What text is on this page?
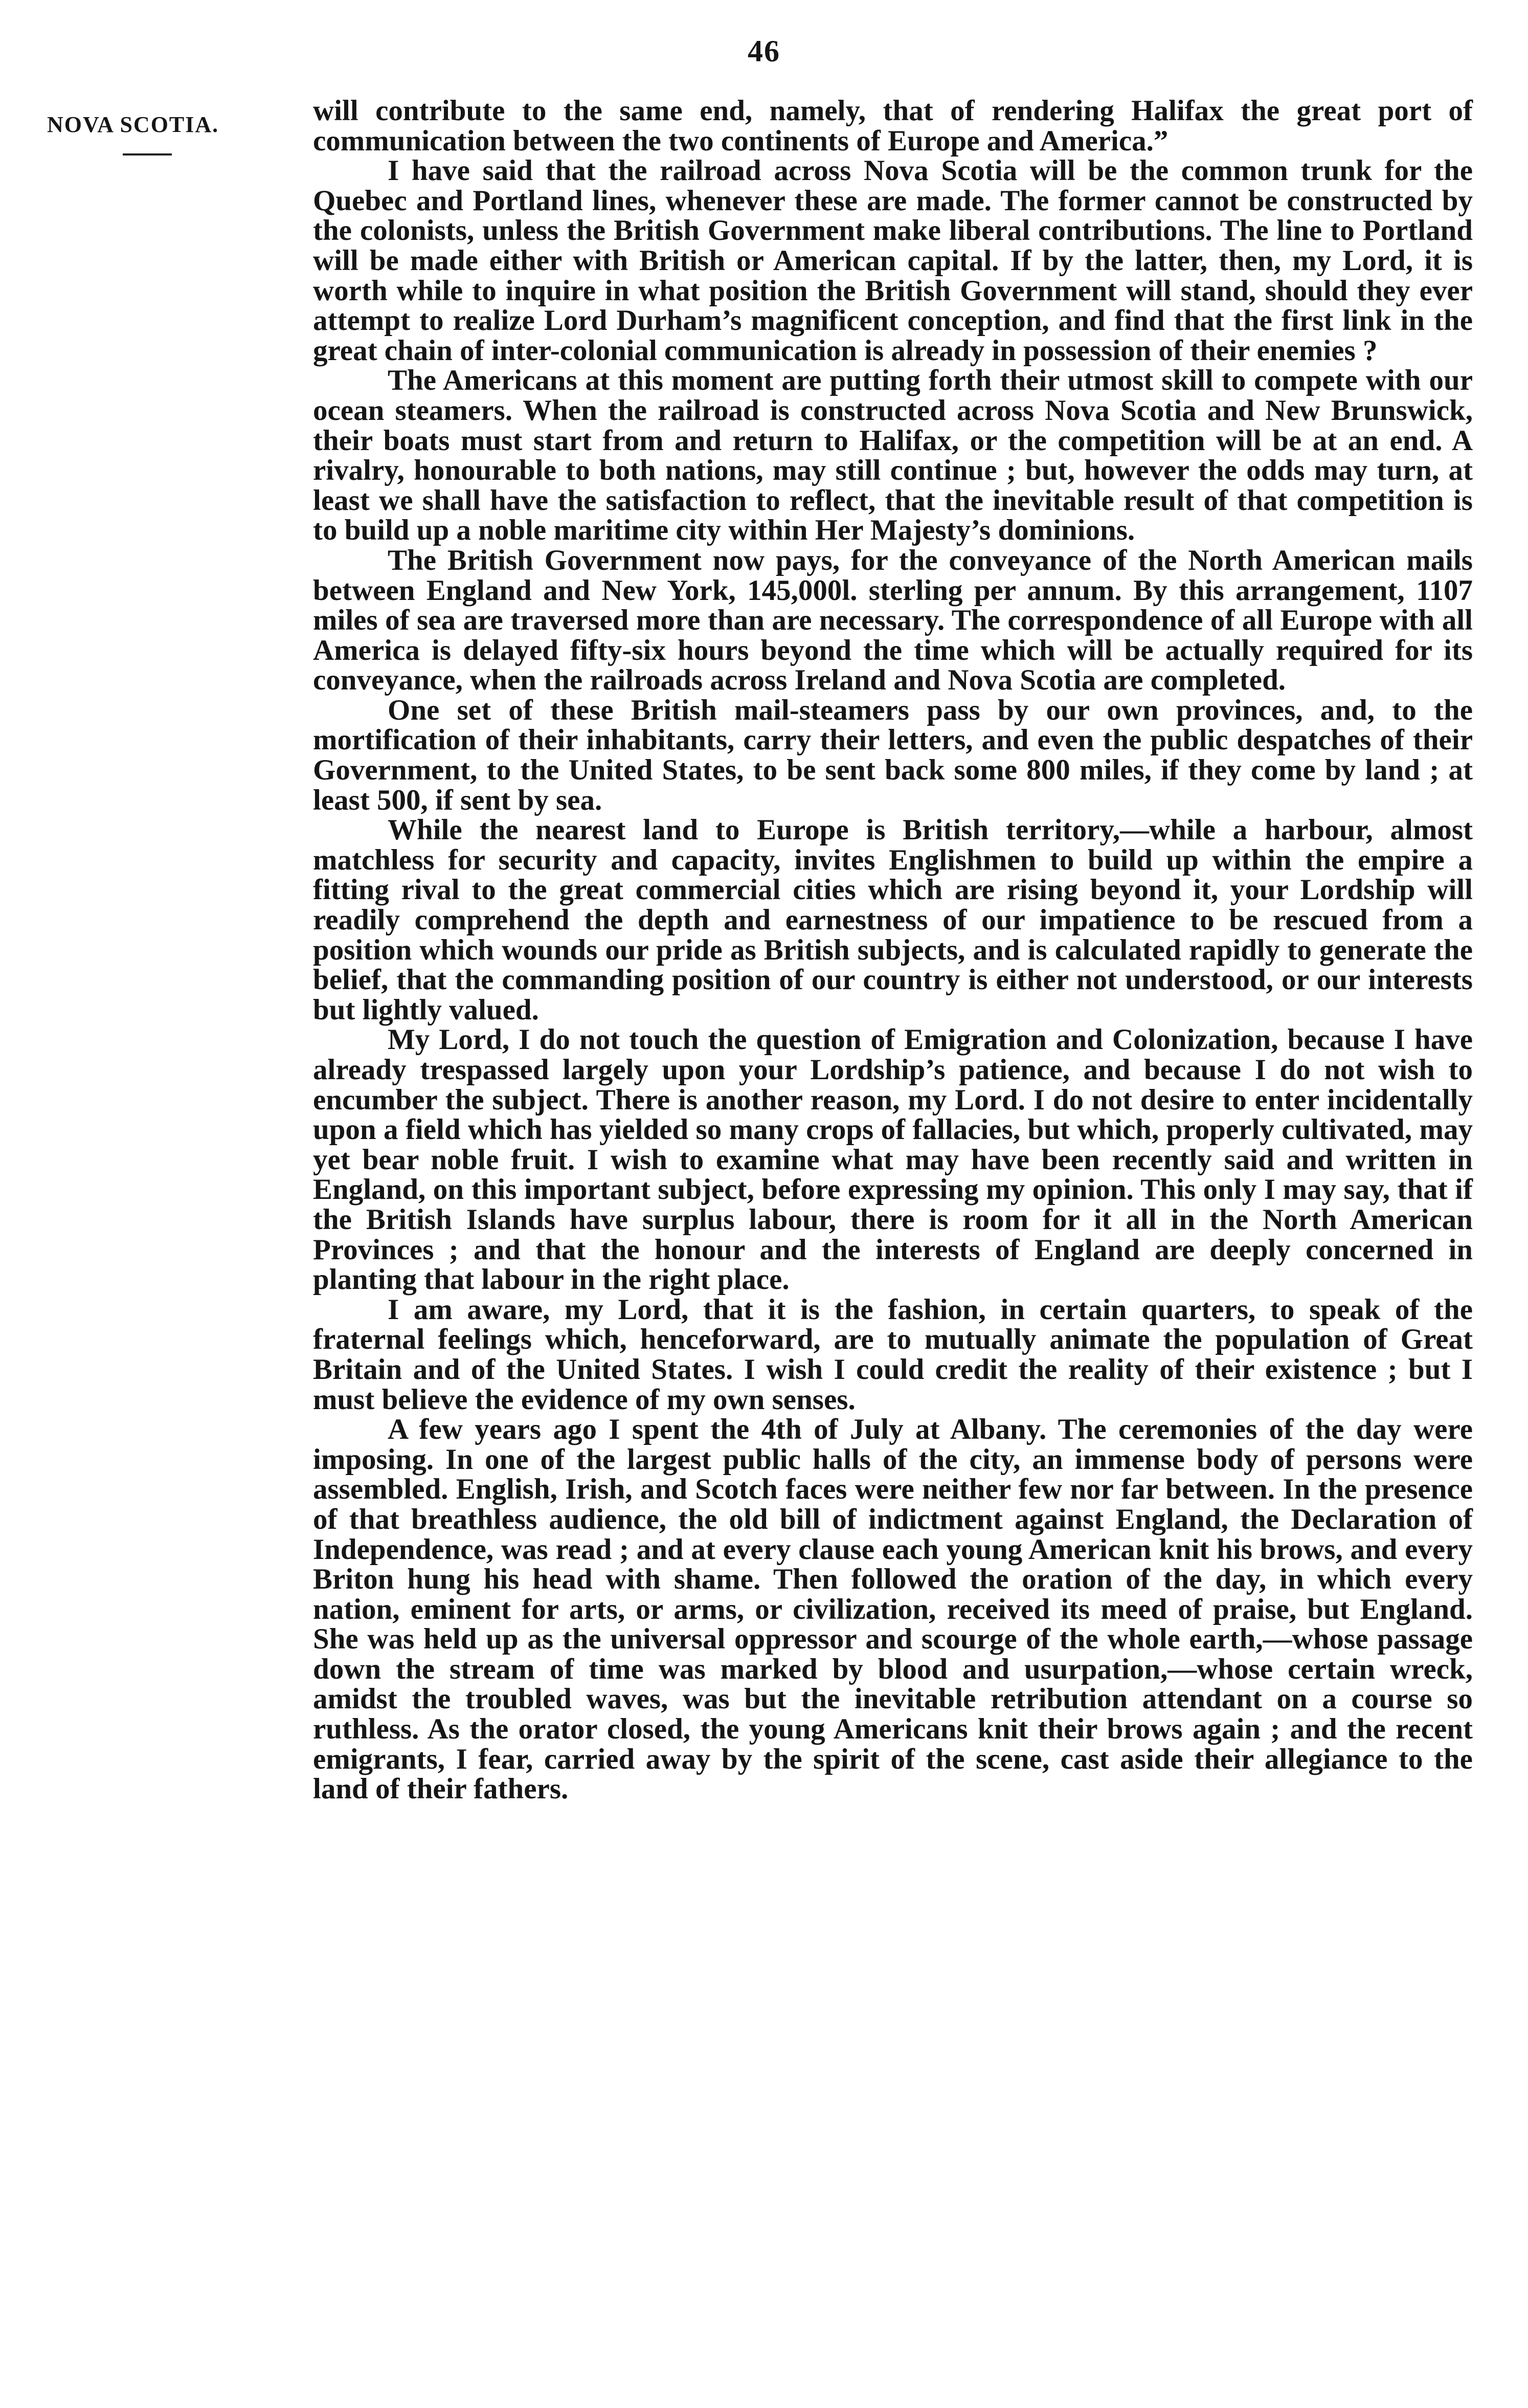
46
NOVA SCOTIA.	will contribute to the same end, namely, that of rendering Halifax the great port of communication between the two continents of Europe and America.”

I have said that the railroad across Nova Scotia will be the common trunk for the Quebec and Portland lines, whenever these are made. The former cannot be constructed by the colonists, unless the British Government make liberal contributions. The line to Portland will be made either with British or American capital. If by the latter, then, my Lord, it is worth while to inquire in what position the British Government will stand, should they ever attempt to realize Lord Durham’s magnificent conception, and find that the first link in the great chain of inter-colonial communication is already in possession of their enemies ?

The Americans at this moment are putting forth their utmost skill to compete with our ocean steamers. When the railroad is constructed across Nova Scotia and New Brunswick, their boats must start from and return to Halifax, or the competition will be at an end. A rivalry, honourable to both nations, may still continue ; but, however the odds may turn, at least we shall have the satisfaction to reflect, that the inevitable result of that competition is to build up a noble maritime city within Her Majesty’s dominions.

The British Government now pays, for the conveyance of the North American mails between England and New York, 145,000l. sterling per annum. By this arrangement, 1107 miles of sea are traversed more than are necessary. The correspondence of all Europe with all America is delayed fifty-six hours beyond the time which will be actually required for its conveyance, when the railroads across Ireland and Nova Scotia are completed.

One set of these British mail-steamers pass by our own provinces, and, to the mortification of their inhabitants, carry their letters, and even the public despatches of their Government, to the United States, to be sent back some 800 miles, if they come by land ; at least 500, if sent by sea.

While the nearest land to Europe is British territory,—while a harbour, almost matchless for security and capacity, invites Englishmen to build up within the empire a fitting rival to the great commercial cities which are rising beyond it, your Lordship will readily comprehend the depth and earnestness of our impatience to be rescued from a position which wounds our pride as British subjects, and is calculated rapidly to generate the belief, that the commanding position of our country is either not understood, or our interests but lightly valued.

My Lord, I do not touch the question of Emigration and Colonization, because I have already trespassed largely upon your Lordship’s patience, and because I do not wish to encumber the subject. There is another reason, my Lord. I do not desire to enter incidentally upon a field which has yielded so many crops of fallacies, but which, properly cultivated, may yet bear noble fruit. I wish to examine what may have been recently said and written in England, on this important subject, before expressing my opinion. This only I may say, that if the British Islands have surplus labour, there is room for it all in the North American Provinces ; and that the honour and the interests of England are deeply concerned in planting that labour in the right place.

I am aware, my Lord, that it is the fashion, in certain quarters, to speak of the fraternal feelings which, henceforward, are to mutually animate the population of Great Britain and of the United States. I wish I could credit the reality of their existence ; but I must believe the evidence of my own senses.

A few years ago I spent the 4th of July at Albany. The ceremonies of the day were imposing. In one of the largest public halls of the city, an immense body of persons were assembled. English, Irish, and Scotch faces were neither few nor far between. In the presence of that breathless audience, the old bill of indictment against England, the Declaration of Independence, was read ; and at every clause each young American knit his brows, and every Briton hung his head with shame. Then followed the oration of the day, in which every nation, eminent for arts, or arms, or civilization, received its meed of praise, but England. She was held up as the universal oppressor and scourge of the whole earth,—whose passage down the stream of time was marked by blood and usurpation,—whose certain wreck, amidst the troubled waves, was but the inevitable retribution attendant on a course so ruthless. As the orator closed, the young Americans knit their brows again ; and the recent emigrants, I fear, carried away by the spirit of the scene, cast aside their allegiance to the land of their fathers.
